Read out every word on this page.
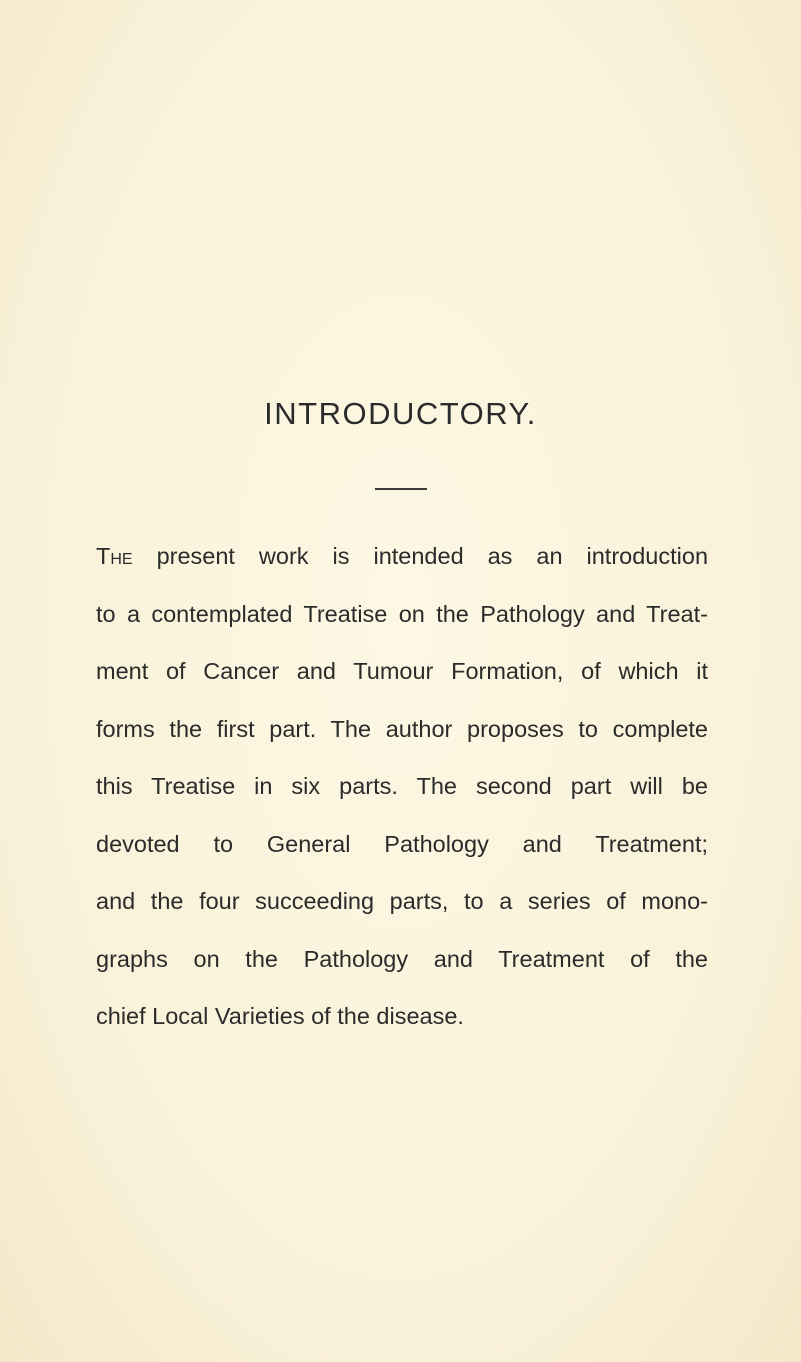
INTRODUCTORY.
The present work is intended as an introduction
to a contemplated Treatise on the Pathology and Treat-
ment of Cancer and Tumour Formation, of which it
forms the first part. The author proposes to complete
this Treatise in six parts. The second part will be
devoted to General Pathology and Treatment;
and the four succeeding parts, to a series of mono-
graphs on the Pathology and Treatment of the
chief Local Varieties of the disease.
